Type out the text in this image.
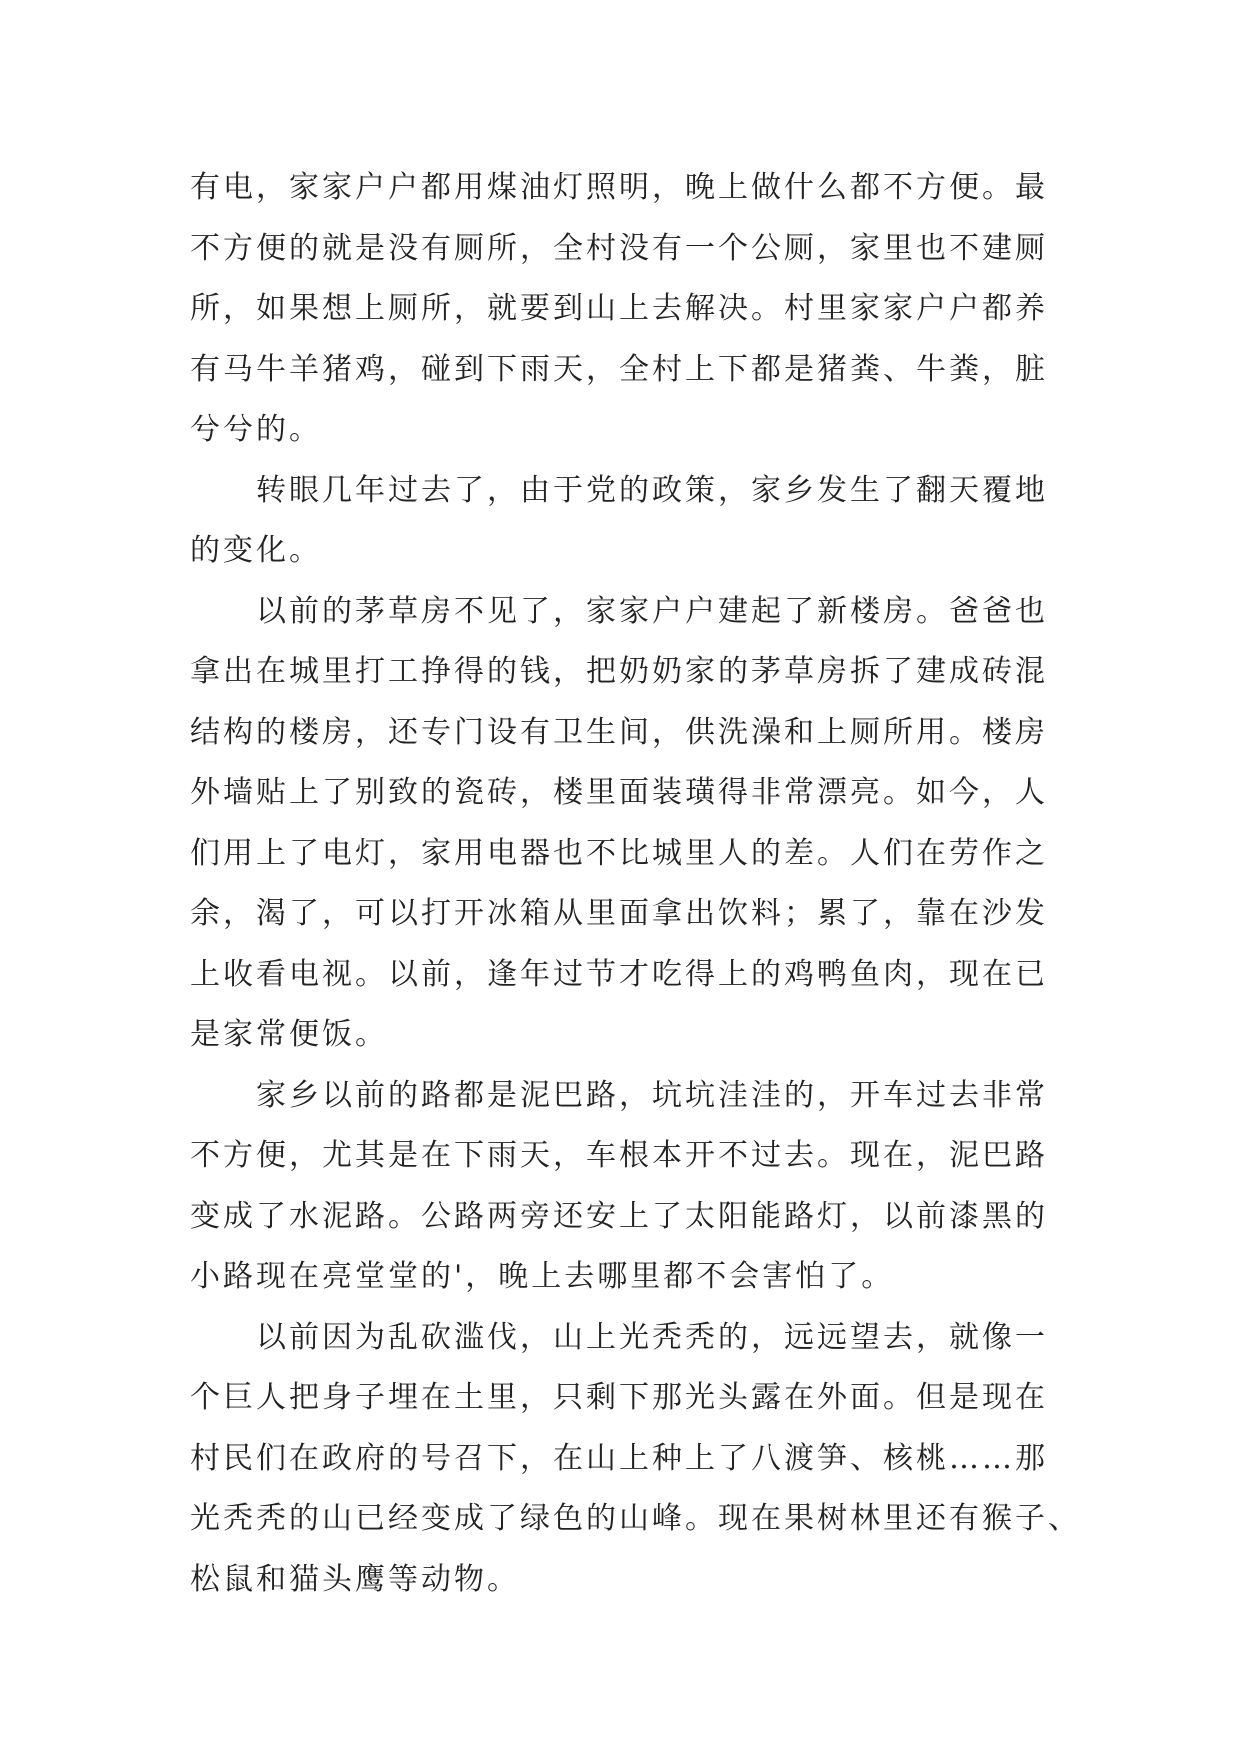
有电，家家户户都用煤油灯照明，晚上做什么都不方便。最
不方便的就是没有厕所，全村没有一个公厕，家里也不建厕
所，如果想上厕所，就要到山上去解决。村里家家户户都养
有马牛羊猪鸡，碰到下雨天，全村上下都是猪粪、牛粪，脏
兮兮的。
转眼几年过去了，由于党的政策，家乡发生了翻天覆地
的变化。
以前的茅草房不见了，家家户户建起了新楼房。爸爸也
拿出在城里打工挣得的钱，把奶奶家的茅草房拆了建成砖混
结构的楼房，还专门设有卫生间，供洗澡和上厕所用。楼房
外墙贴上了别致的瓷砖，楼里面装璜得非常漂亮。如今，人
们用上了电灯，家用电器也不比城里人的差。人们在劳作之
余，渴了，可以打开冰箱从里面拿出饮料；累了，靠在沙发
上收看电视。以前，逢年过节才吃得上的鸡鸭鱼肉，现在已
是家常便饭。
家乡以前的路都是泥巴路，坑坑洼洼的，开车过去非常
不方便，尤其是在下雨天，车根本开不过去。现在，泥巴路
变成了水泥路。公路两旁还安上了太阳能路灯，以前漆黑的
小路现在亮堂堂的'，晚上去哪里都不会害怕了。
以前因为乱砍滥伐，山上光秃秃的，远远望去，就像一
个巨人把身子埋在土里，只剩下那光头露在外面。但是现在
村民们在政府的号召下，在山上种上了八渡笋、核桃……那
光秃秃的山已经变成了绿色的山峰。现在果树林里还有猴子、
松鼠和猫头鹰等动物。
